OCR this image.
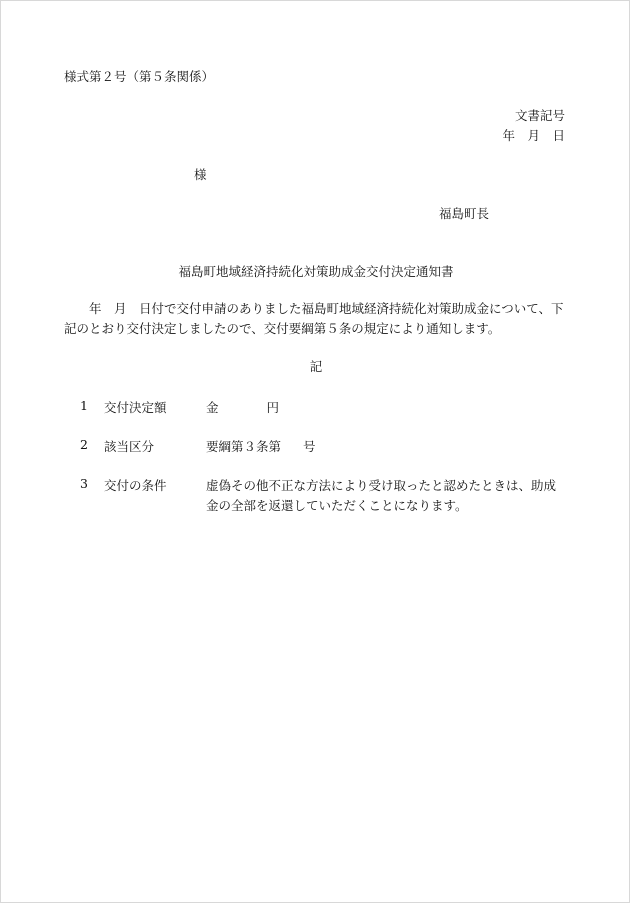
様式第２号（第５条関係）
文書記号
年　月　日
様
福島町長
福島町地域経済持続化対策助成金交付決定通知書
年　月　日付で交付申請のありました福島町地域経済持続化対策助成金について、下記のとおり交付決定しましたので、交付要綱第５条の規定により通知します。
記
1 交付決定額	金	円
2 該当区分	要綱第３条第 号
3 交付の条件	虚偽その他不正な方法により受け取ったと認めたときは、助成金の全部を返還していただくことになります。
